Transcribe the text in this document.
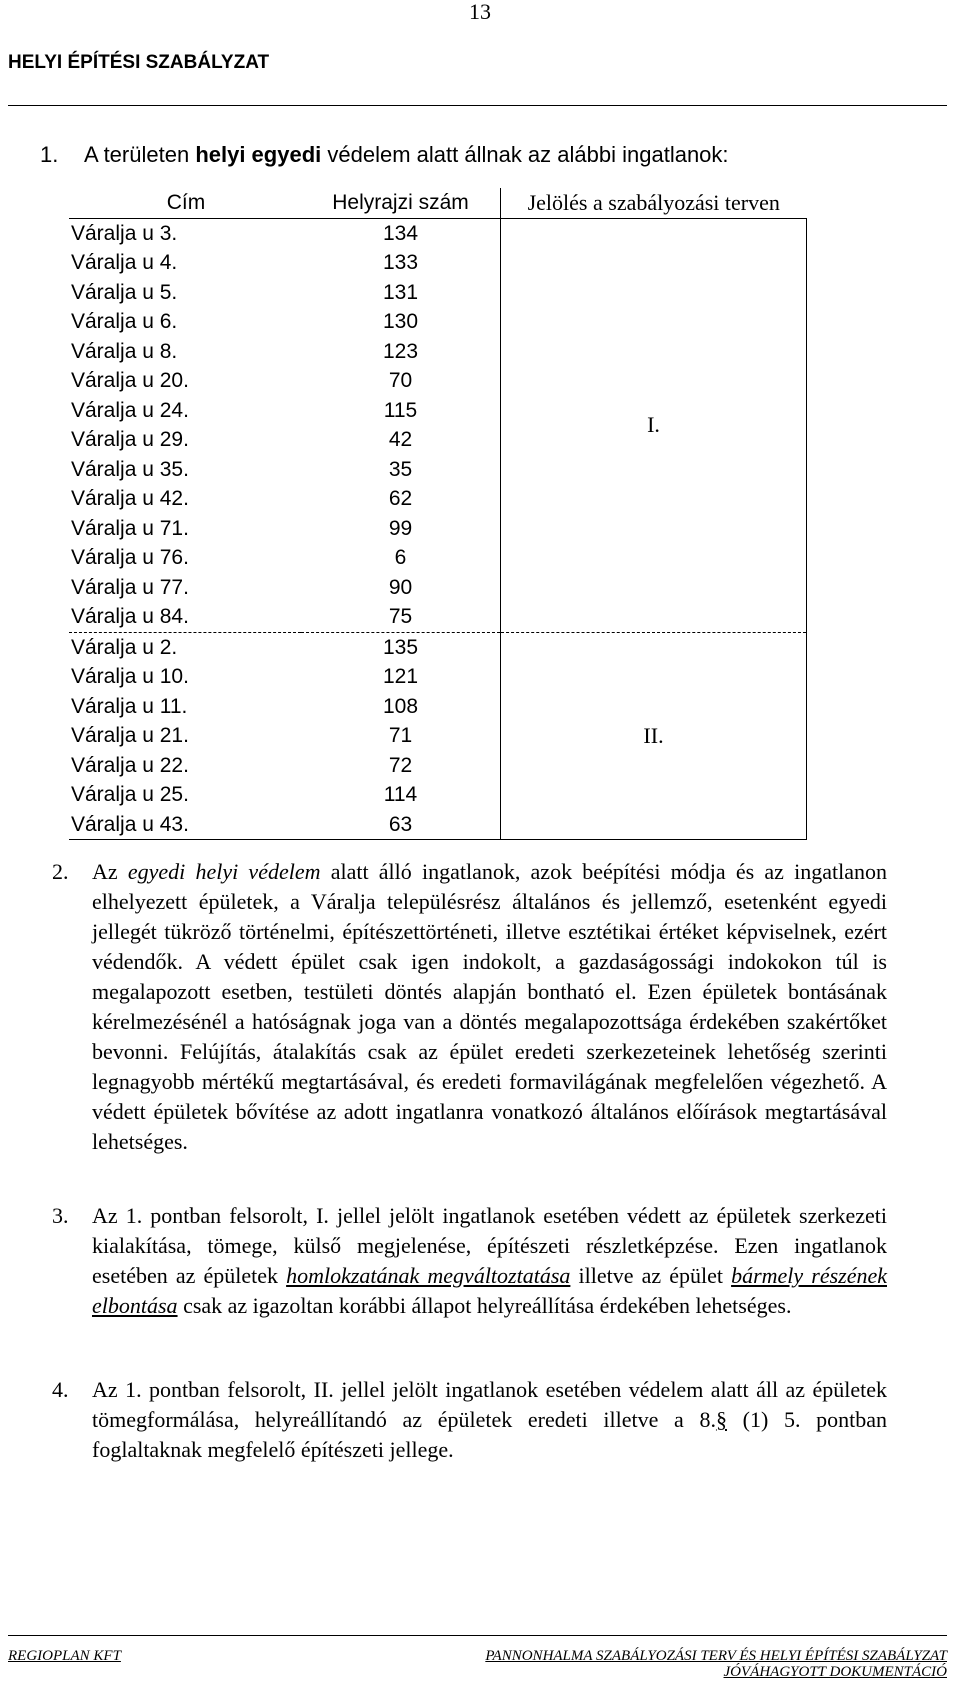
13
HELYI ÉPÍTÉSI SZABÁLYZAT
1. A területen helyi egyedi védelem alatt állnak az alábbi ingatlanok:
Cím	Helyrajzi szám	Jelölés a szabályozási terven
Váralja u 3.	134	I.
Váralja u 4.	133	
Váralja u 5.	131	
Váralja u 6.	130	
Váralja u 8.	123	
Váralja u 20.	70	
Váralja u 24.	115	
Váralja u 29.	42	
Váralja u 35.	35	
Váralja u 42.	62	
Váralja u 71.	99	
Váralja u 76.	6	
Váralja u 77.	90	
Váralja u 84.	75	
Váralja u 2.	135	II.
Váralja u 10.	121	
Váralja u 11.	108	
Váralja u 21.	71	
Váralja u 22.	72	
Váralja u 25.	114	
Váralja u 43.	63	
2. Az egyedi helyi védelem alatt álló ingatlanok, azok beépítési módja és az ingatlanon elhelyezett épületek, a Váralja településrész általános és jellemző, esetenként egyedi jellegét tükröző történelmi, építészettörténeti, illetve esztétikai értéket képviselnek, ezért védendők. A védett épület csak igen indokolt, a gazdaságossági indokokon túl is megalapozott esetben, testületi döntés alapján bontható el. Ezen épületek bontásának kérelmezésénél a hatóságnak joga van a döntés megalapozottsága érdekében szakértőket bevonni. Felújítás, átalakítás csak az épület eredeti szerkezeteinek lehetőség szerinti legnagyobb mértékű megtartásával, és eredeti formavilágának megfelelően végezhető. A védett épületek bővítése az adott ingatlanra vonatkozó általános előírások megtartásával lehetséges.
3. Az 1. pontban felsorolt, I. jellel jelölt ingatlanok esetében védett az épületek szerkezeti kialakítása, tömege, külső megjelenése, építészeti részletképzése. Ezen ingatlanok esetében az épületek homlokzatának megváltoztatása illetve az épület bármely részének elbontása csak az igazoltan korábbi állapot helyreállítása érdekében lehetséges.
4. Az 1. pontban felsorolt, II. jellel jelölt ingatlanok esetében védelem alatt áll az épületek tömegformálása, helyreállítandó az épületek eredeti illetve a 8.§ (1) 5. pontban foglaltaknak megfelelő építészeti jellege.
REGIOPLAN KFT	PANNONHALMA SZABÁLYOZÁSI TERV ÉS HELYI ÉPÍTÉSI SZABÁLYZAT
JÓVÁHAGYOTT DOKUMENTÁCIÓ
